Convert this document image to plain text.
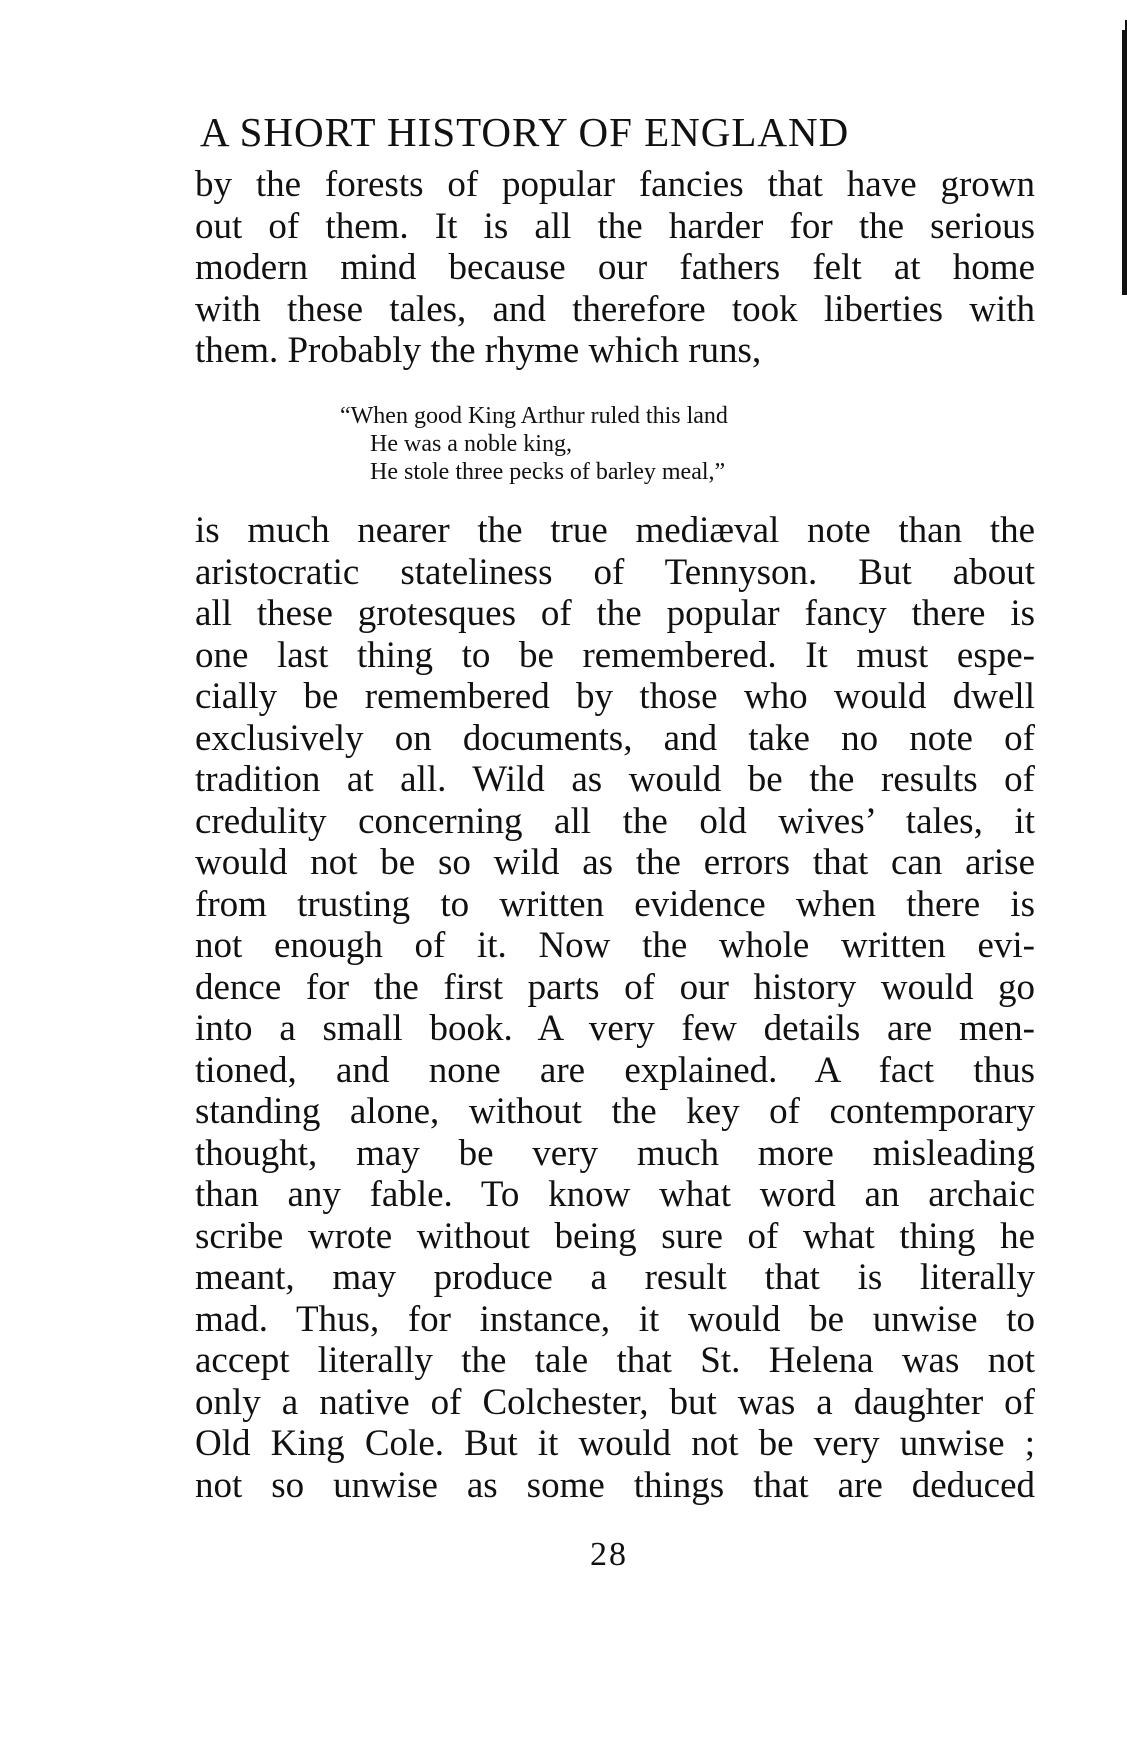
A SHORT HISTORY OF ENGLAND
by the forests of popular fancies that have grown
out of them. It is all the harder for the serious
modern mind because our fathers felt at home
with these tales, and therefore took liberties with
them. Probably the rhyme which runs,
“When good King Arthur ruled this land
He was a noble king,
He stole three pecks of barley meal,”
is much nearer the true mediæval note than the
aristocratic stateliness of Tennyson. But about
all these grotesques of the popular fancy there is
one last thing to be remembered. It must espe-
cially be remembered by those who would dwell
exclusively on documents, and take no note of
tradition at all. Wild as would be the results of
credulity concerning all the old wives’ tales, it
would not be so wild as the errors that can arise
from trusting to written evidence when there is
not enough of it. Now the whole written evi-
dence for the first parts of our history would go
into a small book. A very few details are men-
tioned, and none are explained. A fact thus
standing alone, without the key of contemporary
thought, may be very much more misleading
than any fable. To know what word an archaic
scribe wrote without being sure of what thing he
meant, may produce a result that is literally
mad. Thus, for instance, it would be unwise to
accept literally the tale that St. Helena was not
only a native of Colchester, but was a daughter of
Old King Cole. But it would not be very unwise ;
not so unwise as some things that are deduced
28
